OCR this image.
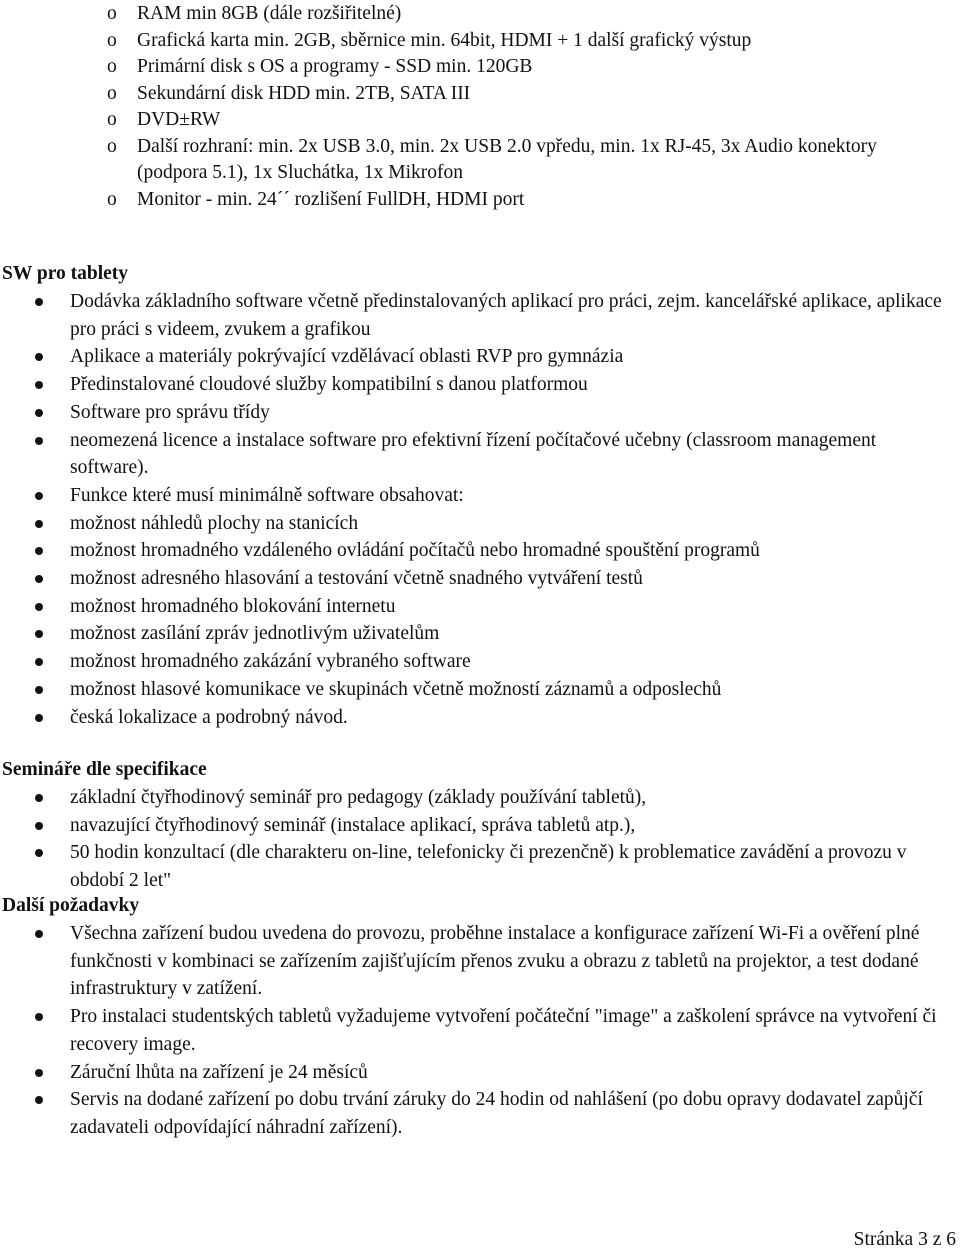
o RAM min 8GB (dále rozšiřitelné)
o Grafická karta min. 2GB, sběrnice min. 64bit, HDMI + 1 další grafický výstup
o Primární disk s OS a programy - SSD min. 120GB
o Sekundární disk HDD min. 2TB, SATA III
o DVD±RW
o Další rozhraní: min. 2x USB 3.0, min. 2x USB 2.0 vpředu, min. 1x RJ-45, 3x Audio konektory (podpora 5.1), 1x Sluchátka, 1x Mikrofon
o Monitor - min. 24´´ rozlišení FullDH, HDMI port
SW pro tablety
Dodávka základního software včetně předinstalovaných aplikací pro práci, zejm. kancelářské aplikace, aplikace pro práci s videem, zvukem a grafikou
Aplikace a materiály pokrývající vzdělávací oblasti RVP pro gymnázia
Předinstalované cloudové služby kompatibilní s danou platformou
Software pro správu třídy
neomezená licence a instalace software pro efektivní řízení počítačové učebny (classroom management software).
Funkce které musí minimálně software obsahovat:
možnost náhledů plochy na stanicích
možnost hromadného vzdáleného ovládání počítačů nebo hromadné spouštění programů
možnost adresného hlasování a testování včetně snadného vytváření testů
možnost hromadného blokování internetu
možnost zasílání zpráv jednotlivým uživatelům
možnost hromadného zakázání vybraného software
možnost hlasové komunikace ve skupinách včetně možností záznamů a odposlechů
česká lokalizace a podrobný návod.
Semináře dle specifikace
základní čtyřhodinový seminář pro pedagogy (základy používání tabletů),
navazující čtyřhodinový seminář (instalace aplikací, správa tabletů atp.),
50 hodin konzultací (dle charakteru on-line, telefonicky či prezenčně) k problematice zavádění a provozu v období 2 let"
Další požadavky
Všechna zařízení budou uvedena do provozu, proběhne instalace a konfigurace zařízení Wi-Fi a ověření plné funkčnosti v kombinaci se zařízením zajišťujícím přenos zvuku a obrazu z tabletů na projektor, a test dodané infrastruktury v zatížení.
Pro instalaci studentských tabletů vyžadujeme vytvoření počáteční "image" a zaškolení správce na vytvoření či recovery image.
Záruční lhůta na zařízení je 24 měsíců
Servis na dodané zařízení po dobu trvání záruky do 24 hodin od nahlášení (po dobu opravy dodavatel zapůjčí zadavateli odpovídající náhradní zařízení).
Stránka 3 z 6
